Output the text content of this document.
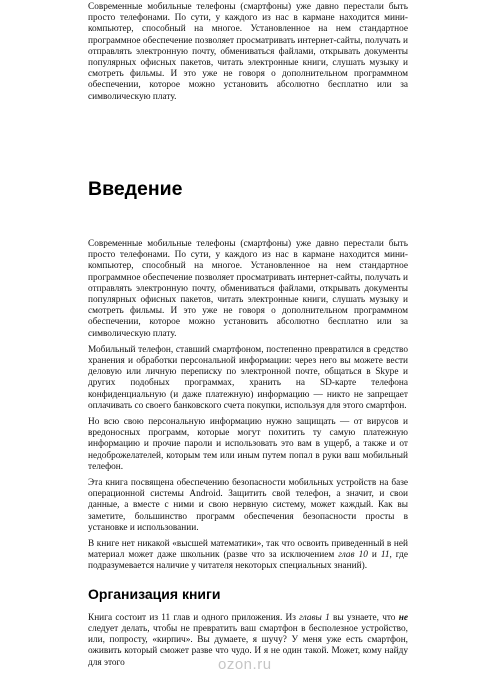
Современные мобильные телефоны (смартфоны) уже давно перестали быть просто телефонами. По сути, у каждого из нас в кармане находится мини-компьютер, способный на многое. Установленное на нем стандартное программное обеспечение позволяет просматривать интернет-сайты, получать и отправлять электронную почту, обмениваться файлами, открывать документы популярных офисных пакетов, читать электронные книги, слушать музыку и смотреть фильмы. И это уже не говоря о дополнительном программном обеспечении, которое можно установить абсолютно бесплатно или за символическую плату.

Введение

Современные мобильные телефоны (смартфоны) уже давно перестали быть просто телефонами. По сути, у каждого из нас в кармане находится мини-компьютер, способный на многое. Установленное на нем стандартное программное обеспечение позволяет просматривать интернет-сайты, получать и отправлять электронную почту, обмениваться файлами, открывать документы популярных офисных пакетов, читать электронные книги, слушать музыку и смотреть фильмы. И это уже не говоря о дополнительном программном обеспечении, которое можно установить абсолютно бесплатно или за символическую плату.

Мобильный телефон, ставший смартфоном, постепенно превратился в средство хранения и обработки персональной информации: через него вы можете вести деловую или личную переписку по электронной почте, общаться в Skype и других подобных программах, хранить на SD-карте телефона конфиденциальную (и даже платежную) информацию — никто не запрещает оплачивать со своего банковского счета покупки, используя для этого смартфон.

Но всю свою персональную информацию нужно защищать — от вирусов и вредоносных программ, которые могут похитить ту самую платежную информацию и прочие пароли и использовать это вам в ущерб, а также и от недоброжелателей, которым тем или иным путем попал в руки ваш мобильный телефон.

Эта книга посвящена обеспечению безопасности мобильных устройств на базе операционной системы Android. Защитить свой телефон, а значит, и свои данные, а вместе с ними и свою нервную систему, может каждый. Как вы заметите, большинство программ обеспечения безопасности просты в установке и использовании.

В книге нет никакой «высшей математики», так что освоить приведенный в ней материал может даже школьник (разве что за исключением глав 10 и 11, где подразумевается наличие у читателя некоторых специальных знаний).

Организация книги

Книга состоит из 11 глав и одного приложения. Из главы 1 вы узнаете, что не следует делать, чтобы не превратить ваш смартфон в бесполезное устройство, или, попросту, «кирпич». Вы думаете, я шучу? У меня уже есть смартфон, оживить который сможет разве что чудо. И я не один такой. Может, кому найду для этого	ozon.ru
